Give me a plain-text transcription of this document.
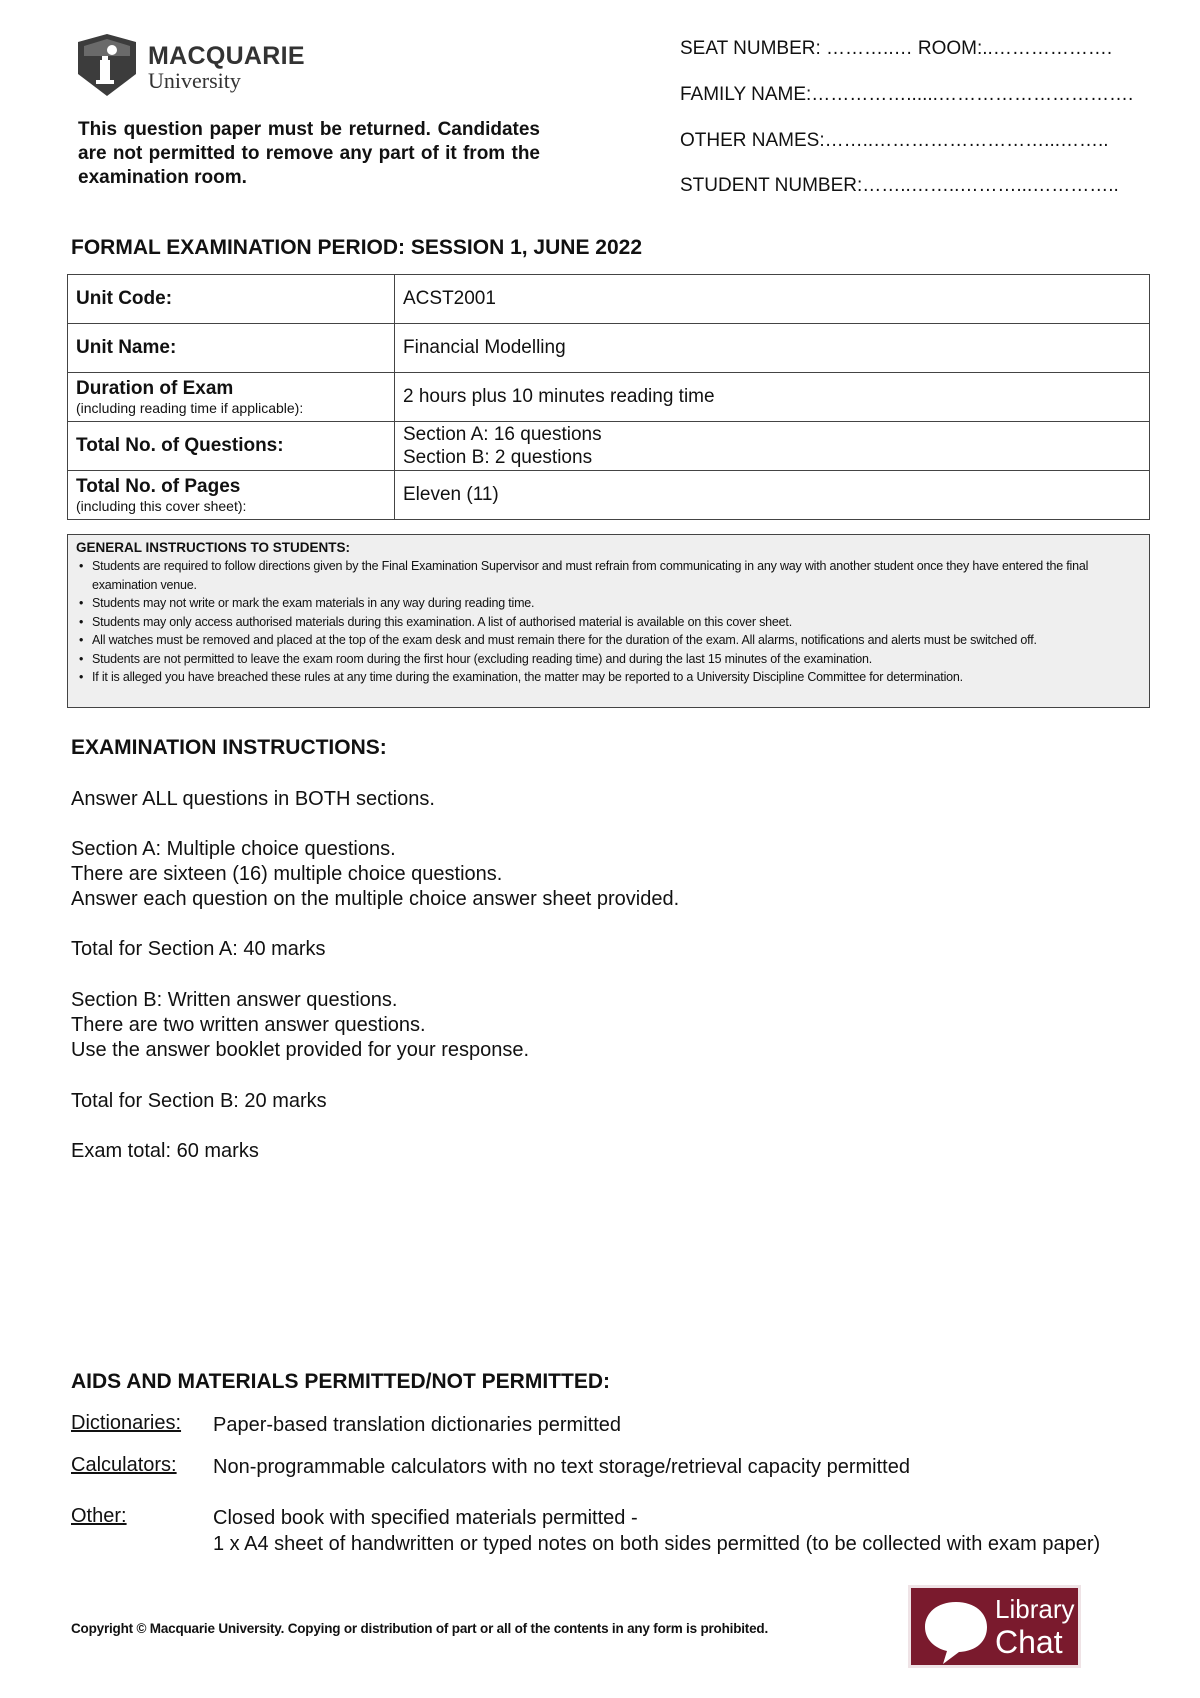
MACQUARIE
University
This question paper must be returned. Candidates are not permitted to remove any part of it from the examination room.
SEAT NUMBER: ………..… ROOM:..……………….
FAMILY NAME:……………......………………………….
OTHER NAMES:……..………………………...……..
STUDENT NUMBER:……..……..………...…………..
FORMAL EXAMINATION PERIOD: SESSION 1, JUNE 2022
Unit Code:	ACST2001
Unit Name:	Financial Modelling
Duration of Exam
(including reading time if applicable):	2 hours plus 10 minutes reading time
Total No. of Questions:	Section A: 16 questions
Section B: 2 questions

Total No. of Pages
(including this cover sheet):	Eleven (11)
GENERAL INSTRUCTIONS TO STUDENTS:
• Students are required to follow directions given by the Final Examination Supervisor and must refrain from communicating in any way with another student once they have entered the final examination venue.
• Students may not write or mark the exam materials in any way during reading time.
• Students may only access authorised materials during this examination. A list of authorised material is available on this cover sheet.
• All watches must be removed and placed at the top of the exam desk and must remain there for the duration of the exam. All alarms, notifications and alerts must be switched off.
• Students are not permitted to leave the exam room during the first hour (excluding reading time) and during the last 15 minutes of the examination.
• If it is alleged you have breached these rules at any time during the examination, the matter may be reported to a University Discipline Committee for determination.
EXAMINATION INSTRUCTIONS:
Answer ALL questions in BOTH sections.
Section A: Multiple choice questions.
There are sixteen (16) multiple choice questions.
Answer each question on the multiple choice answer sheet provided.
Total for Section A: 40 marks
Section B: Written answer questions.
There are two written answer questions.
Use the answer booklet provided for your response.
Total for Section B: 20 marks
Exam total: 60 marks
AIDS AND MATERIALS PERMITTED/NOT PERMITTED:
Dictionaries: Paper-based translation dictionaries permitted
Calculators: Non-programmable calculators with no text storage/retrieval capacity permitted
Other:	Closed book with specified materials permitted -
1 x A4 sheet of handwritten or typed notes on both sides permitted (to be collected with exam paper)
Copyright © Macquarie University. Copying or distribution of part or all of the contents in any form is prohibited.
Library
Chat
